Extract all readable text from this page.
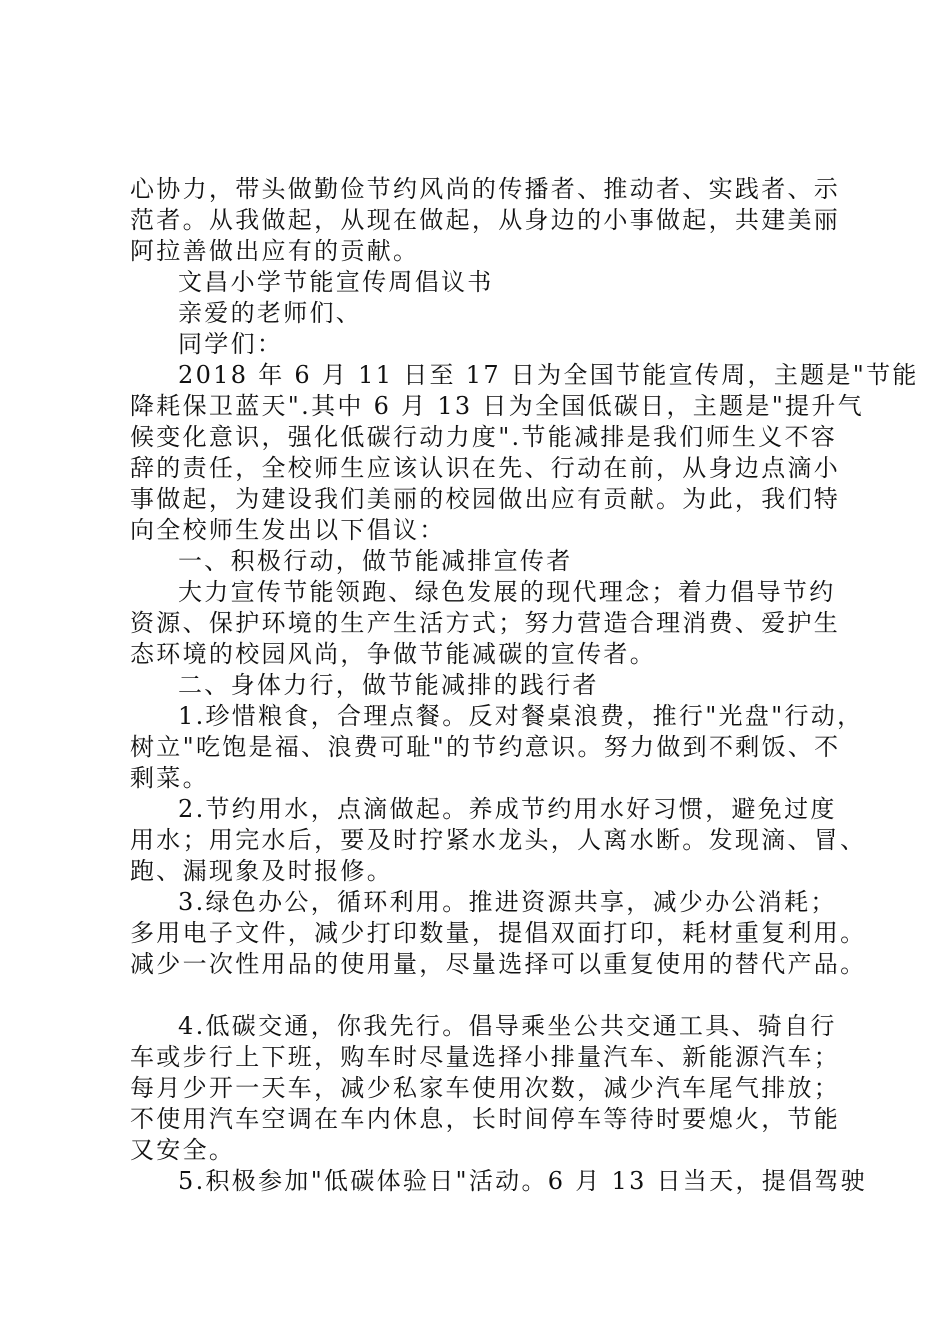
心协力，带头做勤俭节约风尚的传播者、推动者、实践者、示
范者。从我做起，从现在做起，从身边的小事做起，共建美丽
阿拉善做出应有的贡献。
文昌小学节能宣传周倡议书
亲爱的老师们、
同学们：
2018 年 6 月 11 日至 17 日为全国节能宣传周，主题是"节能
降耗保卫蓝天".其中 6 月 13 日为全国低碳日，主题是"提升气
候变化意识，强化低碳行动力度".节能减排是我们师生义不容
辞的责任，全校师生应该认识在先、行动在前，从身边点滴小
事做起，为建设我们美丽的校园做出应有贡献。为此，我们特
向全校师生发出以下倡议：
一、积极行动，做节能减排宣传者
大力宣传节能领跑、绿色发展的现代理念；着力倡导节约
资源、保护环境的生产生活方式；努力营造合理消费、爱护生
态环境的校园风尚，争做节能减碳的宣传者。
二、身体力行，做节能减排的践行者
1.珍惜粮食，合理点餐。反对餐桌浪费，推行"光盘"行动，
树立"吃饱是福、浪费可耻"的节约意识。努力做到不剩饭、不
剩菜。
2.节约用水，点滴做起。养成节约用水好习惯，避免过度
用水；用完水后，要及时拧紧水龙头，人离水断。发现滴、冒、
跑、漏现象及时报修。
3.绿色办公，循环利用。推进资源共享，减少办公消耗；
多用电子文件，减少打印数量，提倡双面打印，耗材重复利用。
减少一次性用品的使用量，尽量选择可以重复使用的替代产品。
4.低碳交通，你我先行。倡导乘坐公共交通工具、骑自行
车或步行上下班，购车时尽量选择小排量汽车、新能源汽车；
每月少开一天车，减少私家车使用次数，减少汽车尾气排放；
不使用汽车空调在车内休息，长时间停车等待时要熄火，节能
又安全。
5.积极参加"低碳体验日"活动。6 月 13 日当天，提倡驾驶
